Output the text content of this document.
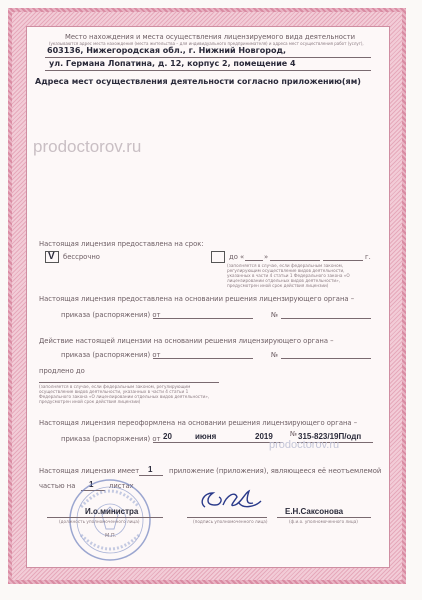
Место нахождения и места осуществления лицензируемого вида деятельности
(указываются адрес места нахождения (места жительства – для индивидуального предпринимателя) и адреса мест осуществления работ (услуг),
603136, Нижегородская обл., г. Нижний Новгород,
ул. Германа Лопатина, д. 12, корпус 2, помещение 4
Адреса мест осуществления деятельности согласно приложению(ям)
prodoctorov.ru
Настоящая лицензия предоставлена на срок:
V бессрочно	до «	»	г.
(заполняется в случае, если федеральным законом, регулирующим осуществление видов деятельности, указанных в части 4 статьи 1 Федерального закона «О лицензировании отдельных видов деятельности», предусмотрен иной срок действия лицензии)
Настоящая лицензия предоставлена на основании решения лицензирующего органа –
приказа (распоряжения) от	№
Действие настоящей лицензии на основании решения лицензирующего органа –
приказа (распоряжения) от	№
продлено до
(заполняется в случае, если федеральным законом, регулирующим осуществление видов деятельности, указанных в части 4 статьи 1 Федерального закона «О лицензировании отдельных видов деятельности», предусмотрен иной срок действия лицензии)
Настоящая лицензия переоформлена на основании решения лицензирующего органа –
приказа (распоряжения) от 20	июня	2019	№ 315-823/19П/одп
Настоящая лицензия имеет 1 приложение (приложения), являющееся её неотъемлемой
частью на 1 листах
prodoctorov.ru
И.о.министра
(должность уполномоченного лица)	(подпись уполномоченного лица)
Е.Н.Саксонова
(ф.и.о. уполномоченного лица)
М.П.
